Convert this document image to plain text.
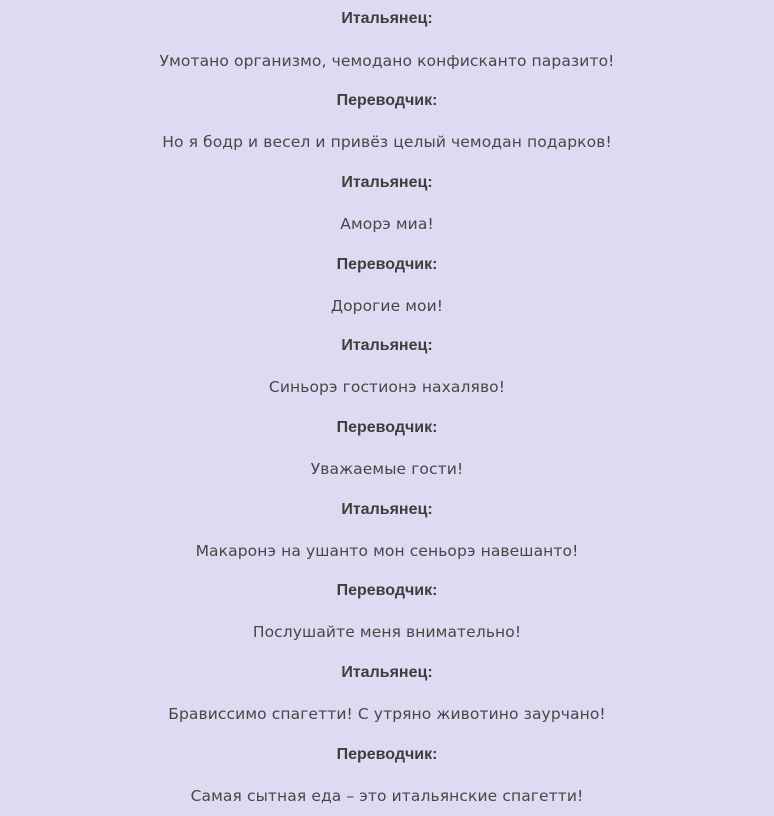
Итальянец:
Умотано организмо, чемодано конфисканто паразито!
Переводчик:
Но я бодр и весел и привёз целый чемодан подарков!
Итальянец:
Аморэ миа!
Переводчик:
Дорогие мои!
Итальянец:
Синьорэ гостионэ нахаляво!
Переводчик:
Уважаемые гости!
Итальянец:
Макаронэ на ушанто мон сеньорэ навешанто!
Переводчик:
Послушайте меня внимательно!
Итальянец:
Брависсимо спагетти! С утряно животино заурчано!
Переводчик:
Самая сытная еда – это итальянские спагетти!
